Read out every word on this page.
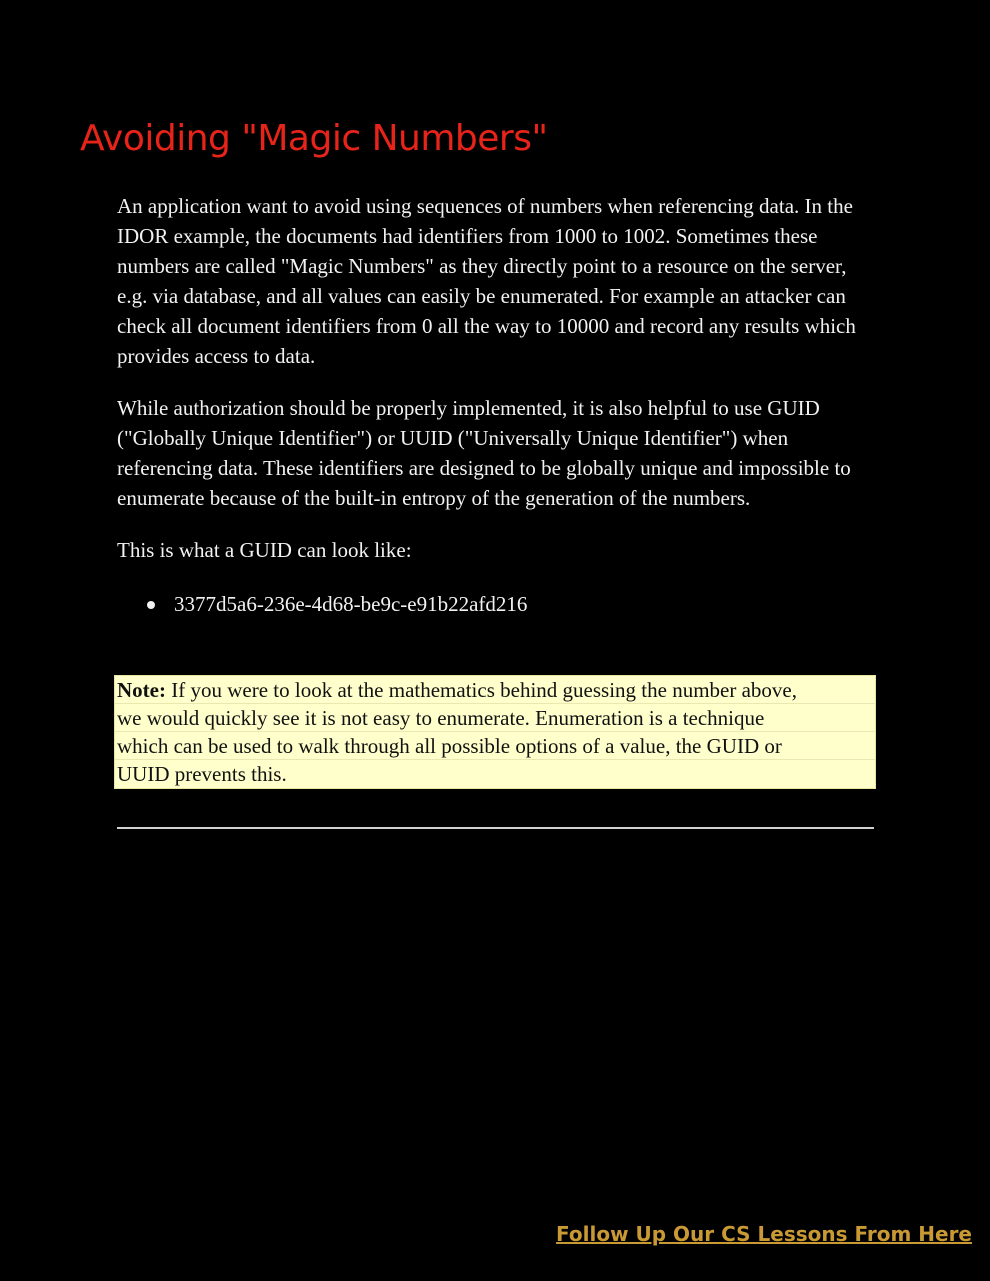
Avoiding "Magic Numbers"

An application want to avoid using sequences of numbers when referencing data. In the IDOR example, the documents had identifiers from 1000 to 1002. Sometimes these numbers are called "Magic Numbers" as they directly point to a resource on the server, e.g. via database, and all values can easily be enumerated. For example an attacker can check all document identifiers from 0 all the way to 10000 and record any results which provides access to data.

While authorization should be properly implemented, it is also helpful to use GUID ("Globally Unique Identifier") or UUID ("Universally Unique Identifier") when referencing data. These identifiers are designed to be globally unique and impossible to enumerate because of the built-in entropy of the generation of the numbers.

This is what a GUID can look like:

3377d5a6-236e-4d68-be9c-e91b22afd216
Note: If you were to look at the mathematics behind guessing the number above,
we would quickly see it is not easy to enumerate. Enumeration is a technique
which can be used to walk through all possible options of a value, the GUID or
UUID prevents this.
Follow Up Our CS Lessons From Here
